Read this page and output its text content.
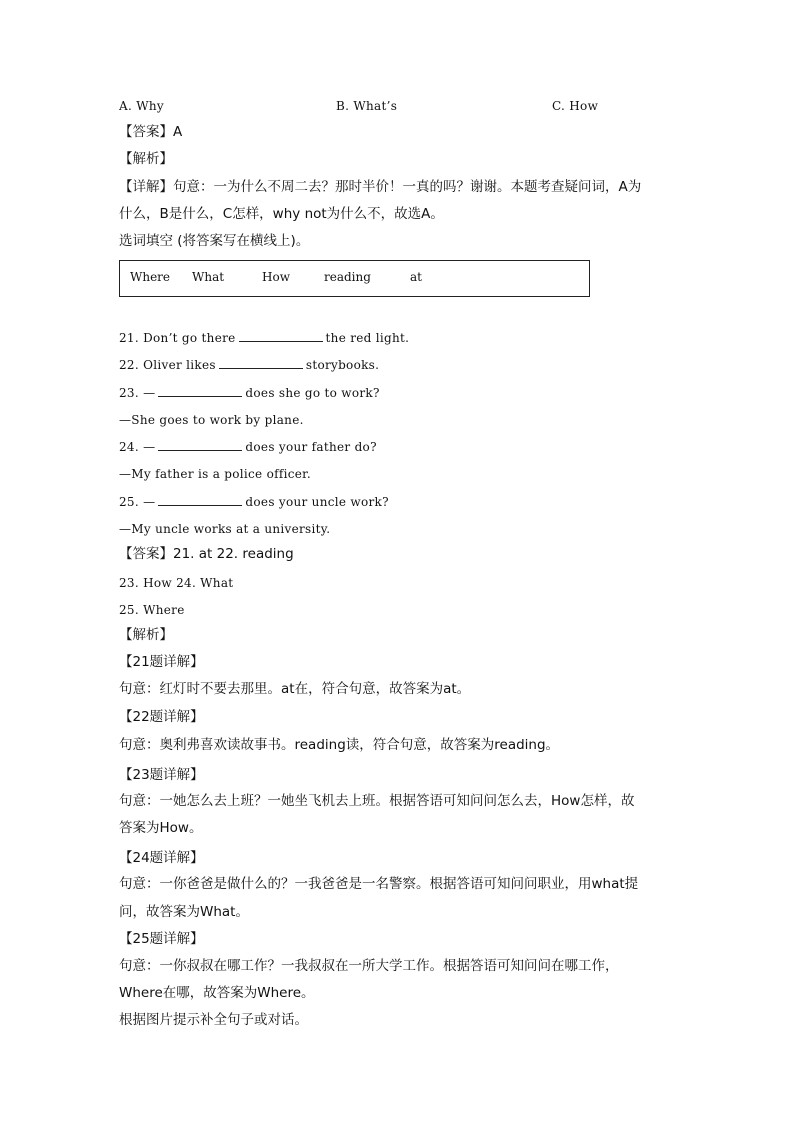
A. Why	B. What’s	C. How
【答案】A
【解析】
【详解】句意：一为什么不周二去？那时半价！一真的吗？谢谢。本题考查疑问词，A为
什么，B是什么，C怎样，why not为什么不，故选A。
选词填空 (将答案写在横线上)。
Where What	How	reading	at
21. Don’t go there	the red light.
22. Oliver likes	storybooks.
23. —	does she go to work?
—She goes to work by plane.
24. —	does your father do?
—My father is a police officer.
25. —	does your uncle work?
—My uncle works at a university.
【答案】21. at 22. reading
23. How 24. What
25. Where
【解析】
【21题详解】
句意：红灯时不要去那里。at在，符合句意，故答案为at。
【22题详解】
句意：奥利弗喜欢读故事书。reading读，符合句意，故答案为reading。
【23题详解】
句意：一她怎么去上班？一她坐飞机去上班。根据答语可知问问怎么去，How怎样，故
答案为How。
【24题详解】
句意：一你爸爸是做什么的？一我爸爸是一名警察。根据答语可知问问职业，用what提
问，故答案为What。
【25题详解】
句意：一你叔叔在哪工作？一我叔叔在一所大学工作。根据答语可知问问在哪工作，
Where在哪，故答案为Where。
根据图片提示补全句子或对话。
